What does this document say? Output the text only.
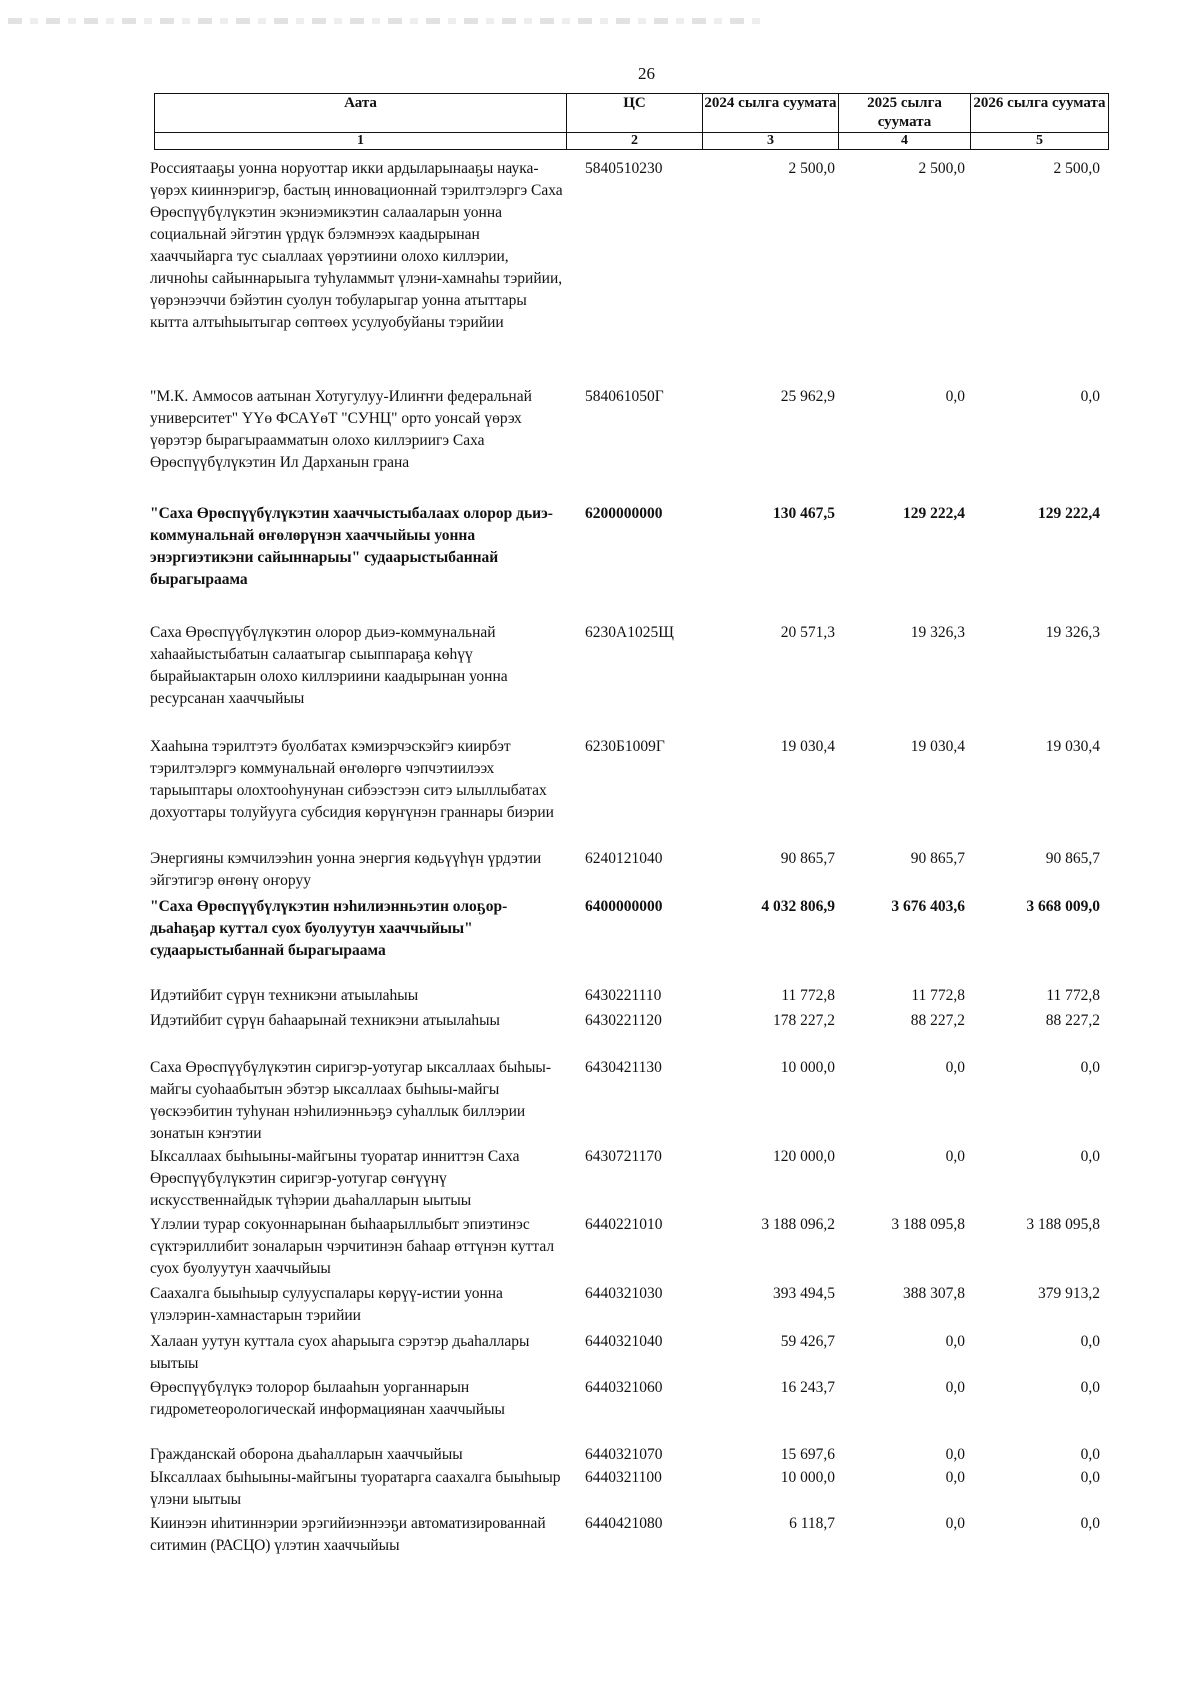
26
Аата	ЦС	2024 сылга суумата	2025 сылга суумата	2026 сылга суумата
1	2	3	4	5
Россиятааҕы уонна норуоттар икки ардыларынааҕы наука-үөрэх кииннэригэр, бастың инновационнай тэрилтэлэргэ Саха Өрөспүүбүлүкэтин экэниэмикэтин салааларын уонна социальнай эйгэтин үрдүк бэлэмнээх каадырынан хааччыйарга тус сыаллаах үөрэтиини олохо киллэрии, личноһы сайыннарыыга туһуламмыт үлэни-хамнаһы тэрийии, үөрэнээччи бэйэтин суолун тобуларыгар уонна атыттары кытта алтыһыытыгар сөптөөх усулуобуйаны тэрийии
5840510230	2 500,0	2 500,0	2 500,0
"М.К. Аммосов аатынан Хотугулуу-Илиҥҥи федеральнай университет" ҮҮө ФСАҮөТ "СУНЦ" орто уонсай үөрэх үөрэтэр бырагыраамматын олохо киллэриигэ Саха Өрөспүүбүлүкэтин Ил Дарханын грана
584061050Г	25 962,9	0,0	0,0
"Саха Өрөспүүбүлүкэтин хааччыстыбалаах олорор дьиэ-коммунальнай өҥөлөрүнэн хааччыйыы уонна энэргиэтикэни сайыннарыы" судаарыстыбаннай бырагыраама
6200000000	130 467,5	129 222,4	129 222,4
Саха Өрөспүүбүлүкэтин олорор дьиэ-коммунальнай хаһаайыстыбатын салаатыгар сыыппараҕа көһүү бырайыактарын олохо киллэриини каадырынан уонна ресурсанан хааччыйыы
6230А1025Щ	20 571,3	19 326,3	19 326,3
Хааһына тэрилтэтэ буолбатах кэмиэрчэскэйгэ киирбэт тэрилтэлэргэ коммунальнай өҥөлөргө чэпчэтиилээх тарыыптары олохтооһунунан сибээстээн ситэ ылыллыбатах дохуоттары толуйууга субсидия көрүҥүнэн граннары биэрии
6230Б1009Г	19 030,4	19 030,4	19 030,4
Энергияны кэмчилээһин уонна энергия көдьүүһүн үрдэтии эйгэтигэр өҥөнү оҥоруу
6240121040	90 865,7	90 865,7	90 865,7
"Саха Өрөспүүбүлүкэтин нэһилиэнньэтин олоҕор-дьаһаҕар куттал суох буолуутун хааччыйыы" судаарыстыбаннай бырагыраама
6400000000	4 032 806,9	3 676 403,6	3 668 009,0
Идэтийбит сүрүн техникэни атыылаһыы	6430221110	11 772,8	11 772,8	11 772,8
Идэтийбит сүрүн баһаарынай техникэни атыылаһыы	6430221120	178 227,2	88 227,2	88 227,2
Саха Өрөспүүбүлүкэтин сиригэр-уотугар ыксаллаах быһыы-майгы суоһаабытын эбэтэр ыксаллаах быһыы-майгы үөскээбитин туһунан нэһилиэнньэҕэ суһаллык биллэрии зонатын кэҥэтии
6430421130	10 000,0	0,0	0,0
Ыксаллаах быһыыны-майгыны туоратар инниттэн Саха Өрөспүүбүлүкэтин сиригэр-уотугар сөҥүүнү искусственнайдык түһэрии дьаһалларын ыытыы
6430721170	120 000,0	0,0	0,0
Үлэлии турар сокуоннарынан быһаарыллыбыт эпиэтинэс сүктэриллибит зоналарын чэрчитинэн баһаар өттүнэн куттал суох буолуутун хааччыйыы
6440221010	3 188 096,2	3 188 095,8	3 188 095,8
Саахалга быыһыыр сулууспалары көрүү-истии уонна үлэлэрин-хамнастарын тэрийии
6440321030	393 494,5	388 307,8	379 913,2
Халаан уутун куттала суох аһарыыга сэрэтэр дьаһаллары ыытыы
6440321040	59 426,7	0,0	0,0
Өрөспүүбүлүкэ толорор былааһын уорганнарын гидрометеорологическай информациянан хааччыйыы
6440321060	16 243,7	0,0	0,0
Гражданскай оборона дьаһалларын хааччыйыы	6440321070	15 697,6	0,0	0,0
Ыксаллаах быһыыны-майгыны туоратарга саахалга быыһыыр үлэни ыытыы
6440321100	10 000,0	0,0	0,0
Киинээн иһитиннэрии эрэгийиэннээҕи автоматизированнай ситимин (РАСЦО) үлэтин хааччыйыы
6440421080	6 118,7	0,0	0,0
